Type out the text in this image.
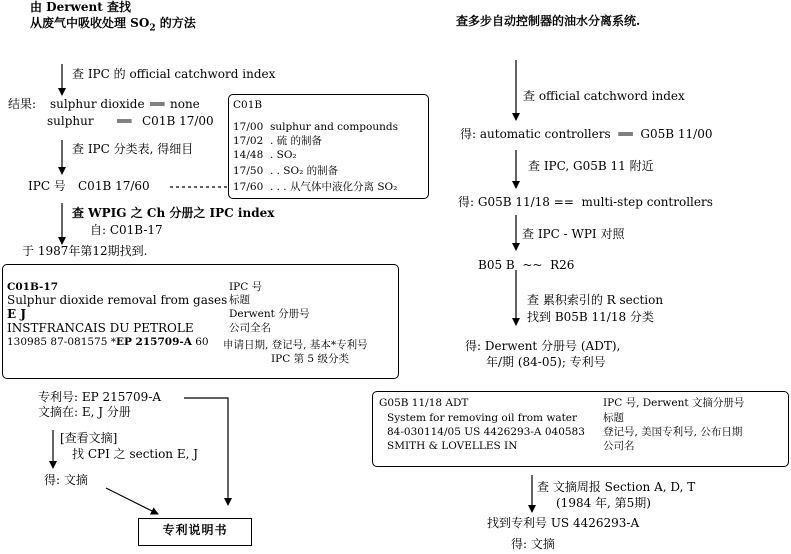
由 Derwent 查找
从废气中吸收处理 $SO_2$ 的方法
查 IPC 的 official catchword index
结果: sulphur dioxide ══ none
sulphur ══ C01B 17/00
查 IPC 分类表, 得细目
IPC 号 C01B 17/60
查 WPIG 之 Ch 分册之 IPC index
自: C01B-17
于 1987年第12期找到.
C01B
17/00 sulphur and compounds
17/02 . 硫 的制备
14/48 . SO₂
17/50 . . SO₂ 的制备
17/60 . . . 从气体中液化分离 SO₂
C01B-17
Sulphur dioxide removal from gases
E J
INSTFRANCAIS DU PETROLE
130985 87-081575 *EP 215709-A 60
IPC 号
标题
Derwent 分册号
公司全名
申请日期, 登记号, 基本*专利号
IPC 第 5 级分类
专利号: EP 215709-A
文摘在: E, J 分册
[查看文摘]
找 CPI 之 section E, J
得: 文摘
专利说明书
查多步自动控制器的油水分离系统.
查 official catchword index
得: automatic controllers ══ G05B 11/00
查 IPC, G05B 11 附近
得: G05B 11/18 == multi-step controllers
查 IPC - WPI 对照
B05 B ~~ R26
查 累积索引的 R section
找到 B05B 11/18 分类
得: Derwent 分册号 (ADT),
年/期 (84-05); 专利号
G05B 11/18 ADT
System for removing oil from water
84-030114/05 US 4426293-A 040583
SMITH & LOVELLES IN
IPC 号, Derwent 文摘分册号
标题
登记号, 美国专利号, 公布日期
公司名
查 文摘周报 Section A, D, T
(1984 年, 第5期)
找到专利号 US 4426293-A
得: 文摘
